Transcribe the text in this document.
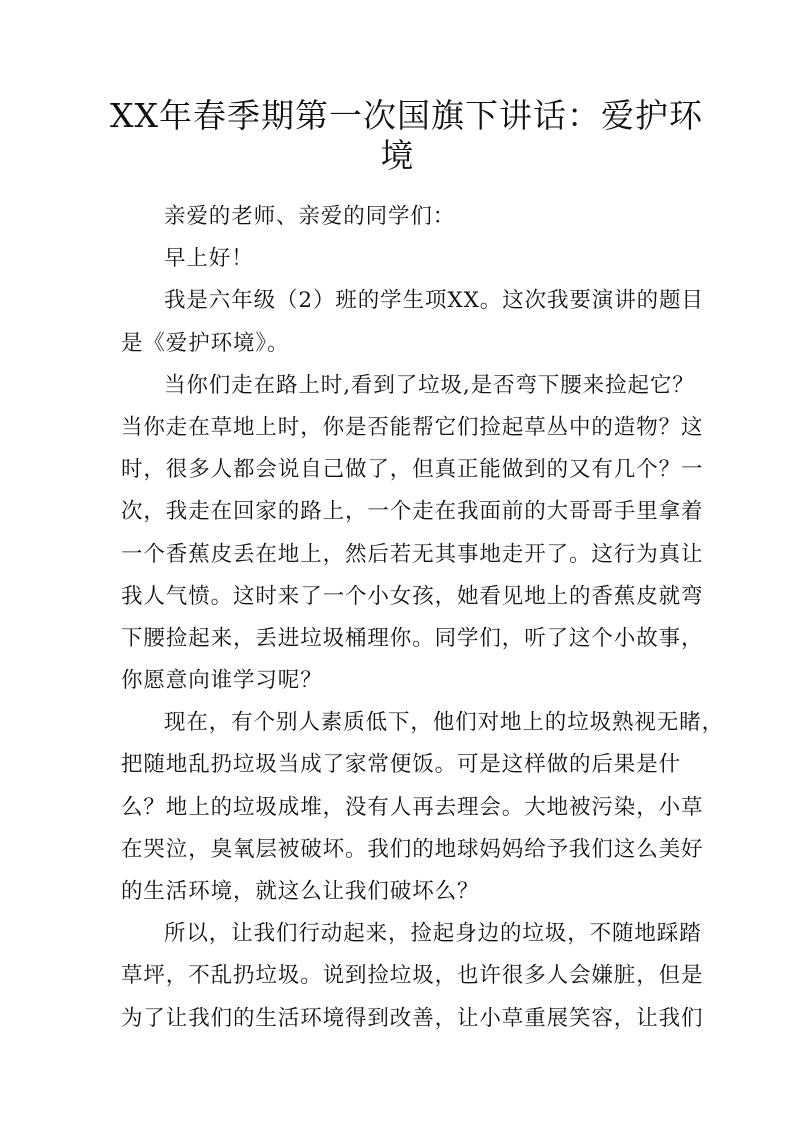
XX年春季期第一次国旗下讲话：爱护环
境
亲爱的老师、亲爱的同学们：
早上好！
我是六年级（2）班的学生项XX。这次我要演讲的题目
是《爱护环境》。
当你们走在路上时,看到了垃圾,是否弯下腰来捡起它？
当你走在草地上时，你是否能帮它们捡起草丛中的造物？这
时，很多人都会说自己做了，但真正能做到的又有几个？一
次，我走在回家的路上，一个走在我面前的大哥哥手里拿着
一个香蕉皮丢在地上，然后若无其事地走开了。这行为真让
我人气愤。这时来了一个小女孩，她看见地上的香蕉皮就弯
下腰捡起来，丢进垃圾桶理你。同学们，听了这个小故事，
你愿意向谁学习呢？
现在，有个别人素质低下，他们对地上的垃圾熟视无睹，
把随地乱扔垃圾当成了家常便饭。可是这样做的后果是什
么？地上的垃圾成堆，没有人再去理会。大地被污染，小草
在哭泣，臭氧层被破坏。我们的地球妈妈给予我们这么美好
的生活环境，就这么让我们破坏么？
所以，让我们行动起来，捡起身边的垃圾，不随地踩踏
草坪，不乱扔垃圾。说到捡垃圾，也许很多人会嫌脏，但是
为了让我们的生活环境得到改善，让小草重展笑容，让我们
